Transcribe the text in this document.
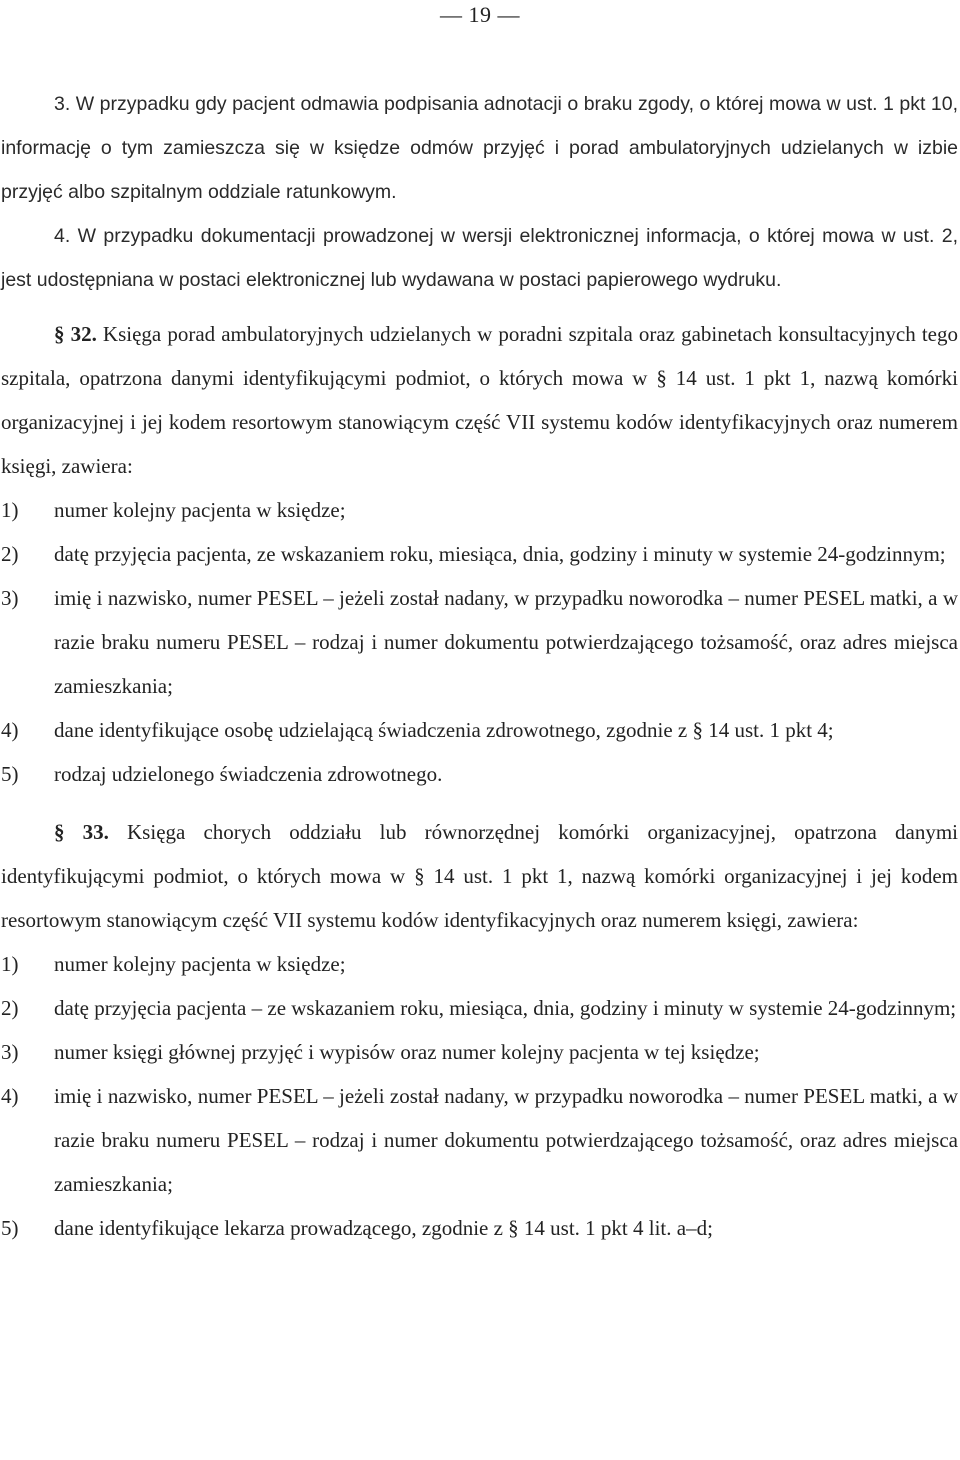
— 19 —

3. W przypadku gdy pacjent odmawia podpisania adnotacji o braku zgody, o której mowa w ust. 1 pkt 10, informację o tym zamieszcza się w księdze odmów przyjęć i porad ambulatoryjnych udzielanych w izbie przyjęć albo szpitalnym oddziale ratunkowym.

4. W przypadku dokumentacji prowadzonej w wersji elektronicznej informacja, o której mowa w ust. 2, jest udostępniana w postaci elektronicznej lub wydawana w postaci papierowego wydruku.

§ 32. Księga porad ambulatoryjnych udzielanych w poradni szpitala oraz gabinetach konsultacyjnych tego szpitala, opatrzona danymi identyfikującymi podmiot, o których mowa w § 14 ust. 1 pkt 1, nazwą komórki organizacyjnej i jej kodem resortowym stanowiącym część VII systemu kodów identyfikacyjnych oraz numerem księgi, zawiera:

1) numer kolejny pacjenta w księdze;
2) datę przyjęcia pacjenta, ze wskazaniem roku, miesiąca, dnia, godziny i minuty w systemie 24-godzinnym;
3) imię i nazwisko, numer PESEL – jeżeli został nadany, w przypadku noworodka – numer PESEL matki, a w razie braku numeru PESEL – rodzaj i numer dokumentu potwierdzającego tożsamość, oraz adres miejsca zamieszkania;
4) dane identyfikujące osobę udzielającą świadczenia zdrowotnego, zgodnie z § 14 ust. 1 pkt 4;
5) rodzaj udzielonego świadczenia zdrowotnego.

§ 33. Księga chorych oddziału lub równorzędnej komórki organizacyjnej, opatrzona danymi identyfikującymi podmiot, o których mowa w § 14 ust. 1 pkt 1, nazwą komórki organizacyjnej i jej kodem resortowym stanowiącym część VII systemu kodów identyfikacyjnych oraz numerem księgi, zawiera:

1) numer kolejny pacjenta w księdze;
2) datę przyjęcia pacjenta – ze wskazaniem roku, miesiąca, dnia, godziny i minuty w systemie 24-godzinnym;
3) numer księgi głównej przyjęć i wypisów oraz numer kolejny pacjenta w tej księdze;
4) imię i nazwisko, numer PESEL – jeżeli został nadany, w przypadku noworodka – numer PESEL matki, a w razie braku numeru PESEL – rodzaj i numer dokumentu potwierdzającego tożsamość, oraz adres miejsca zamieszkania;
5) dane identyfikujące lekarza prowadzącego, zgodnie z § 14 ust. 1 pkt 4 lit. a–d;
